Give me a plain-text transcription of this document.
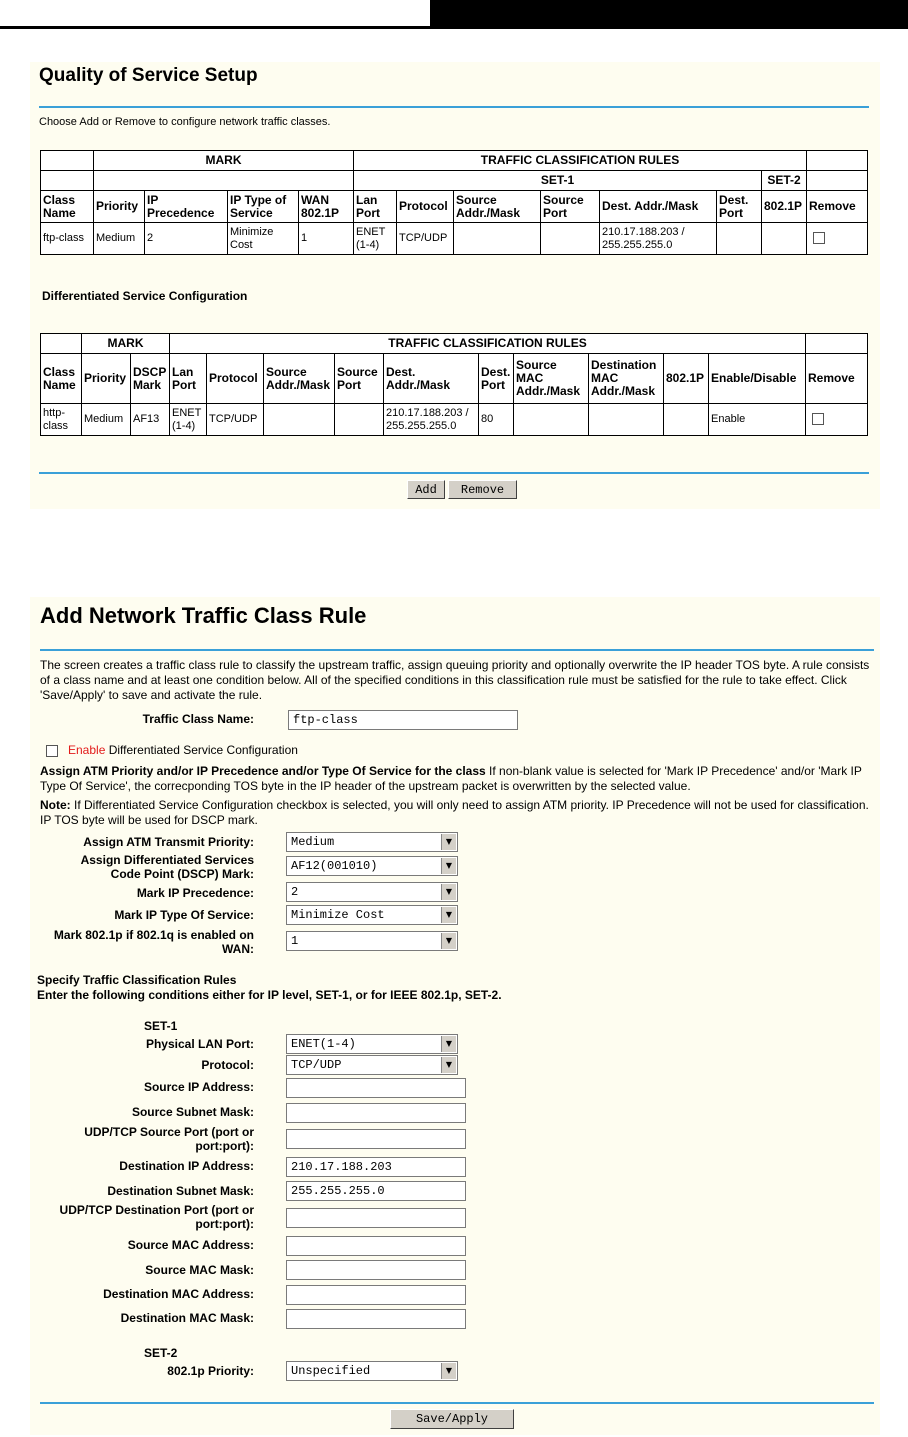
Quality of Service Setup
Choose Add or Remove to configure network traffic classes.
	MARK				TRAFFIC CLASSIFICATION RULES							
					SET-1						SET-2	
Class Name	Priority	IP Precedence	IP Type of Service	WAN 802.1P	Lan Port	Protocol	Source Addr./Mask	Source Port	Dest. Addr./Mask	Dest. Port	802.1P	Remove
ftp-class	Medium	2	Minimize Cost	1	ENET (1-4)	TCP/UDP			210.17.188.203 / 255.255.255.0			
Differentiated Service Configuration
	MARK		TRAFFIC CLASSIFICATION RULES										
Class Name	Priority	DSCP Mark	Lan Port	Protocol	Source Addr./Mask	Source Port	Dest. Addr./Mask	Dest. Port	Source MAC Addr./Mask	Destination MAC Addr./Mask	802.1P	Enable/Disable	Remove
http-class	Medium	AF13	ENET (1-4)	TCP/UDP			210.17.188.203 / 255.255.255.0	80				Enable	
Add	Remove
Add Network Traffic Class Rule
The screen creates a traffic class rule to classify the upstream traffic, assign queuing priority and optionally overwrite the IP header TOS byte. A rule consists of a class name and at least one condition below. All of the specified conditions in this classification rule must be satisfied for the rule to take effect. Click 'Save/Apply' to save and activate the rule.
Traffic Class Name:	ftp-class
Enable Differentiated Service Configuration
Assign ATM Priority and/or IP Precedence and/or Type Of Service for the class If non-blank value is selected for 'Mark IP Precedence' and/or 'Mark IP Type Of Service', the correcponding TOS byte in the IP header of the upstream packet is overwritten by the selected value.
Note: If Differentiated Service Configuration checkbox is selected, you will only need to assign ATM priority. IP Precedence will not be used for classification. IP TOS byte will be used for DSCP mark.
Assign ATM Transmit Priority:	Medium	▼
Assign Differentiated Services Code Point (DSCP) Mark:
AF12(001010)	▼
Mark IP Precedence:	2	▼
Mark IP Type Of Service:	Minimize Cost	▼
Mark 802.1p if 802.1q is enabled on WAN:
1	▼
Specify Traffic Classification Rules
Enter the following conditions either for IP level, SET-1, or for IEEE 802.1p, SET-2.
SET-1
Physical LAN Port:	ENET(1-4)	▼
Protocol:	TCP/UDP	▼
Source IP Address:
Source Subnet Mask:
UDP/TCP Source Port (port or port:port):
Destination IP Address:	210.17.188.203
Destination Subnet Mask:	255.255.255.0
UDP/TCP Destination Port (port or port:port):
Source MAC Address:
Source MAC Mask:
Destination MAC Address:
Destination MAC Mask:
SET-2
802.1p Priority:	Unspecified	▼
Save/Apply
